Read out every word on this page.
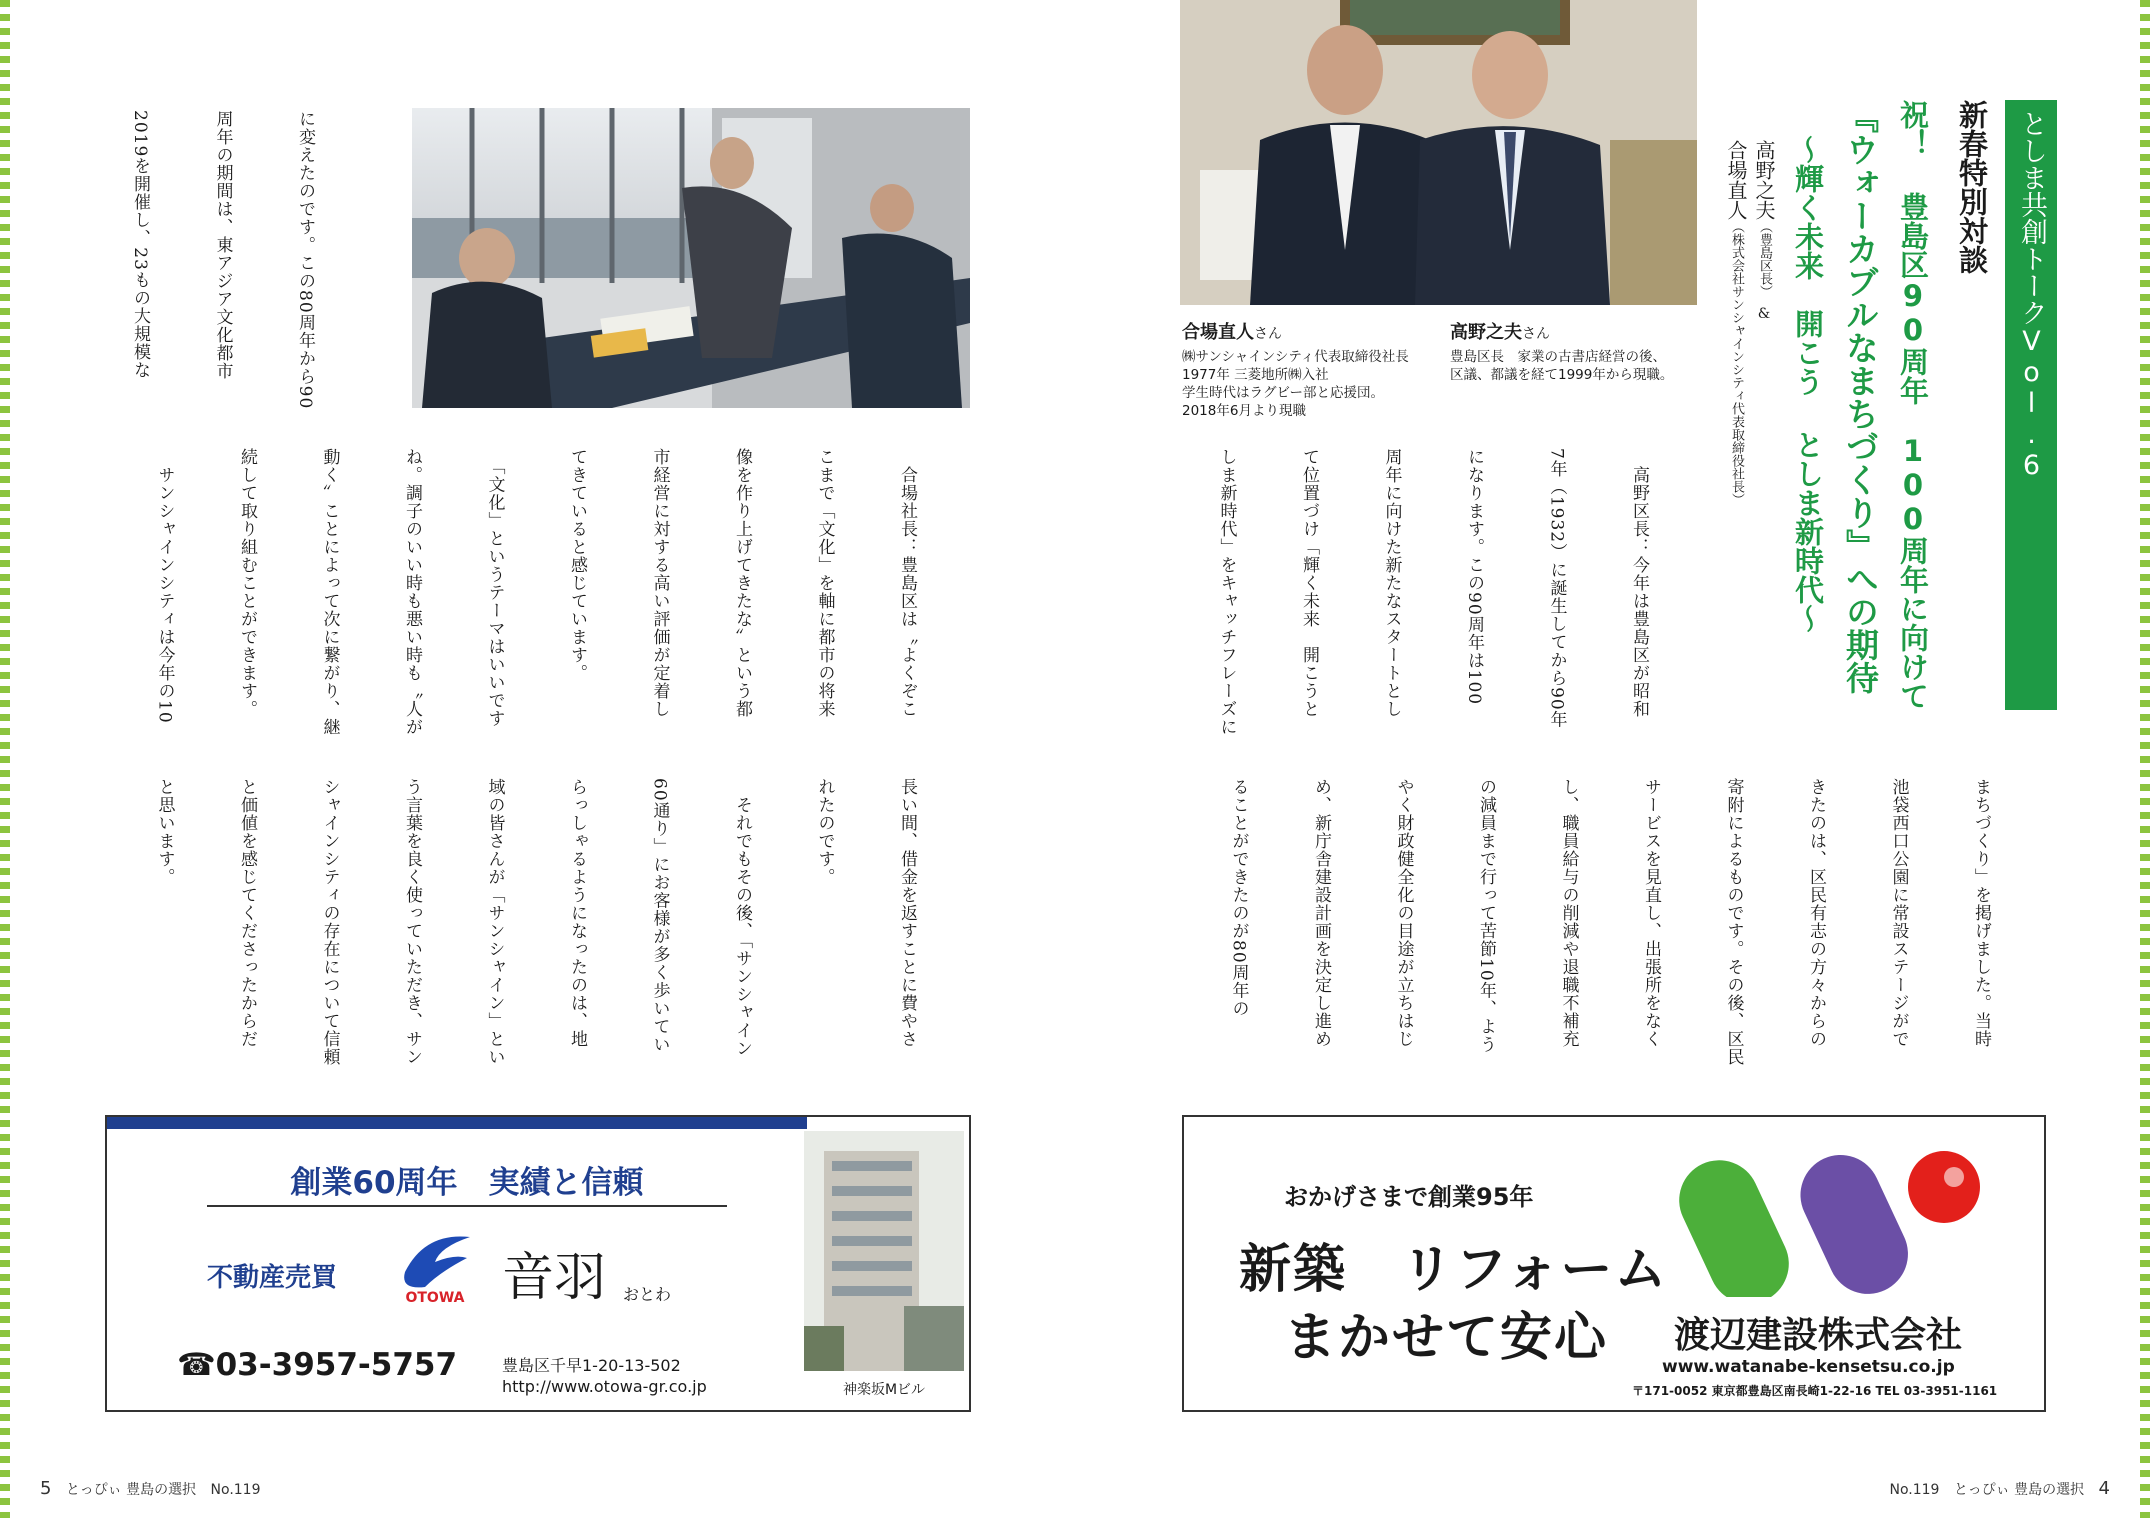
に変えたのです。この80周年から90

周年の期間は、東アジア文化都市

2019を開催し、23もの大規模な

　合場社長：豊島区は〝よくぞこ

こまで「文化」を軸に都市の将来

像を作り上げてきたな〟という都

市経営に対する高い評価が定着し

てきていると感じています。

　「文化」というテーマはいいです

ね。調子のいい時も悪い時も〝人が

動く〟ことによって次に繋がり、継

続して取り組むことができます。

　サンシャインシティは今年の10

長い間、借金を返すことに費やさ

れたのです。

　それでもその後、「サンシャイン

60通り」にお客様が多く歩いてい

らっしゃるようになったのは、地

域の皆さんが「サンシャイン」とい

う言葉を良く使っていただき、サン

シャインシティの存在について信頼

と価値を感じてくださったからだ

と思います。

創業60周年　実績と信頼
不動産売買
OTOWA 音羽 おとわ
☎03-3957-5757	豊島区千早1-20-13-502
http://www.otowa-gr.co.jp	神楽坂Mビル
5 とっぴぃ 豊島の選択 No.119
合場直人さん
㈱サンシャインシティ代表取締役社長
1977年 三菱地所㈱入社
学生時代はラグビー部と応援団。
2018年6月より現職
高野之夫さん
豊島区長　家業の古書店経営の後、
区議、都議を経て1999年から現職。	としま共創トークVol.6
新春特別対談
祝！ 豊島区90周年　100周年に向けて
『ウォーカブルなまちづくり』への期待
～輝く未来　開こう としま新時代～
高野之夫（豊島区長）&
合場直人（株式会社サンシャインシティ代表取締役社長）

　高野区長：今年は豊島区が昭和

7年（1932）に誕生してから90年

になります。この90周年は100

周年に向けた新たなスタートとし

て位置づけ「輝く未来　開こうと

しま新時代」をキャッチフレーズに

まちづくり」を掲げました。当時

池袋西口公園に常設ステージがで

きたのは、区民有志の方々からの

寄附によるものです。その後、区民

サービスを見直し、出張所をなく

し、職員給与の削減や退職不補充

の減員まで行って苦節10年、よう

やく財政健全化の目途が立ちはじ

め、新庁舎建設計画を決定し進め

ることができたのが80周年の

おかげさまで創業95年
新築　リフォーム
まかせて安心 渡辺建設株式会社
www.watanabe-kensetsu.co.jp
〒171-0052 東京都豊島区南長崎1-22-16 TEL 03-3951-1161
No.119 とっぴぃ 豊島の選択 4
